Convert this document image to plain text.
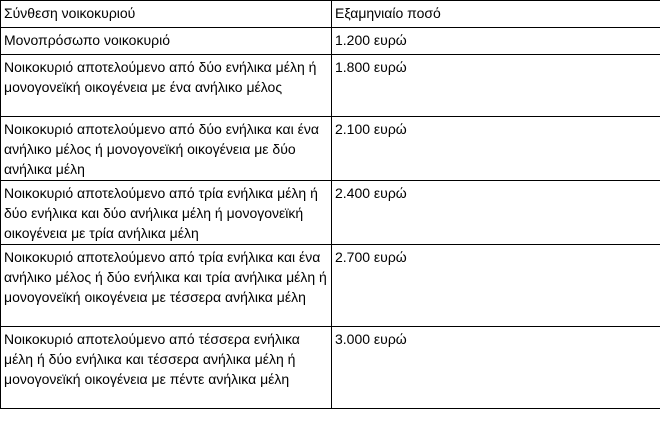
Σύνθεση νοικοκυριού	Εξαμηνιαίο ποσό
Μονοπρόσωπο νοικοκυριό	1.200 ευρώ
Νοικοκυριό αποτελούμενο από δύο ενήλικα μέλη ή μονογονεϊκή οικογένεια με ένα ανήλικο μέλος	1.800 ευρώ
Νοικοκυριό αποτελούμενο από δύο ενήλικα και ένα ανήλικο μέλος ή μονογονεϊκή οικογένεια με δύο ανήλικα μέλη	2.100 ευρώ
Νοικοκυριό αποτελούμενο από τρία ενήλικα μέλη ή δύο ενήλικα και δύο ανήλικα μέλη ή μονογονεϊκή οικογένεια με τρία ανήλικα μέλη	2.400 ευρώ
Νοικοκυριό αποτελούμενο από τρία ενήλικα και ένα ανήλικο μέλος ή δύο ενήλικα και τρία ανήλικα μέλη ή μονογονεϊκή οικογένεια με τέσσερα ανήλικα μέλη	2.700 ευρώ
Νοικοκυριό αποτελούμενο από τέσσερα ενήλικα μέλη ή δύο ενήλικα και τέσσερα ανήλικα μέλη ή μονογονεϊκή οικογένεια με πέντε ανήλικα μέλη	3.000 ευρώ
